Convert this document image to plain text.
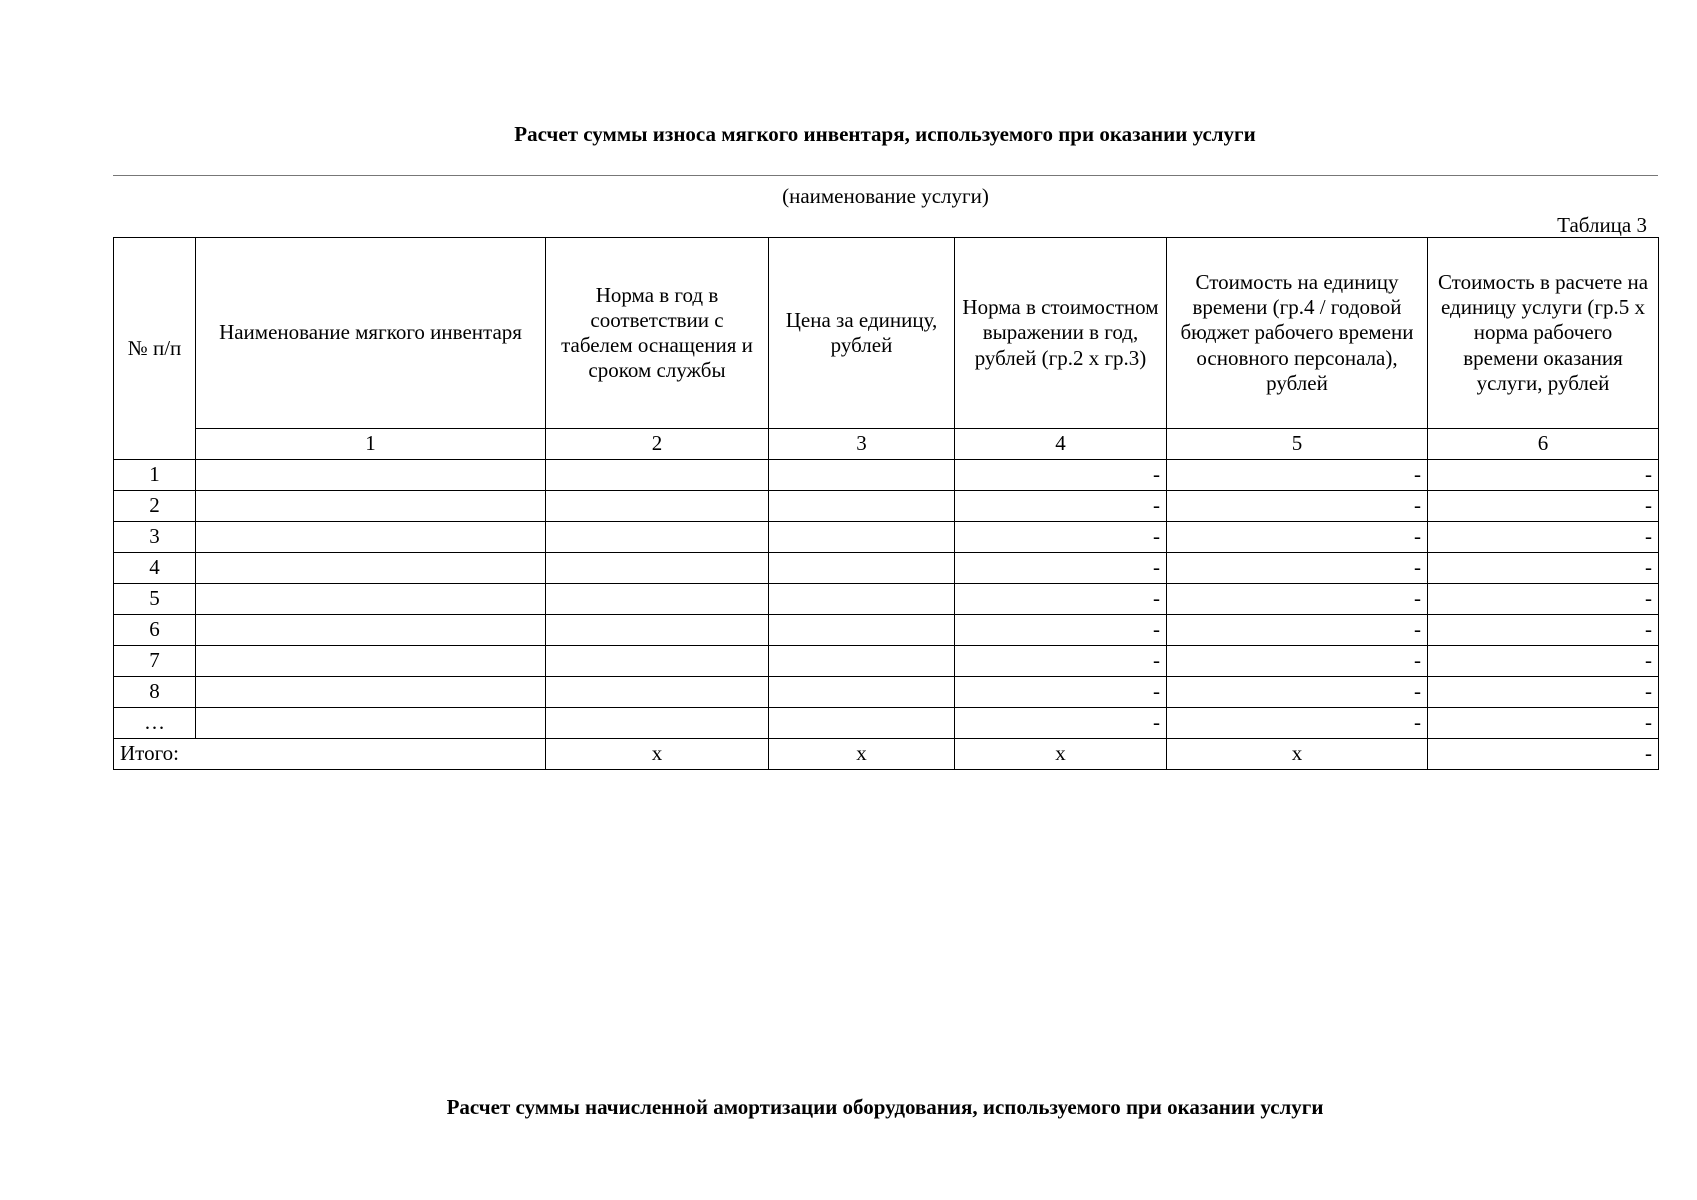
Расчет суммы износа мягкого инвентаря, используемого при оказании услуги
(наименование услуги)
Таблица 3
№ п/п	Наименование мягкого инвентаря	Норма в год в соответствии с табелем оснащения и сроком службы	Цена за единицу, рублей	Норма в стоимостном выражении в год, рублей (гр.2 х гр.3)	Стоимость на единицу времени (гр.4 / годовой бюджет рабочего времени основного персонала), рублей	Стоимость в расчете на единицу услуги (гр.5 х норма рабочего времени оказания услуги, рублей
	1	2	3	4	5	6
1				-	-	-
2				-	-	-
3				-	-	-
4				-	-	-
5				-	-	-
6				-	-	-
7				-	-	-
8				-	-	-
…				-	-	-
Итого:		х	х	х	х	-
Расчет суммы начисленной амортизации оборудования, используемого при оказании услуги
